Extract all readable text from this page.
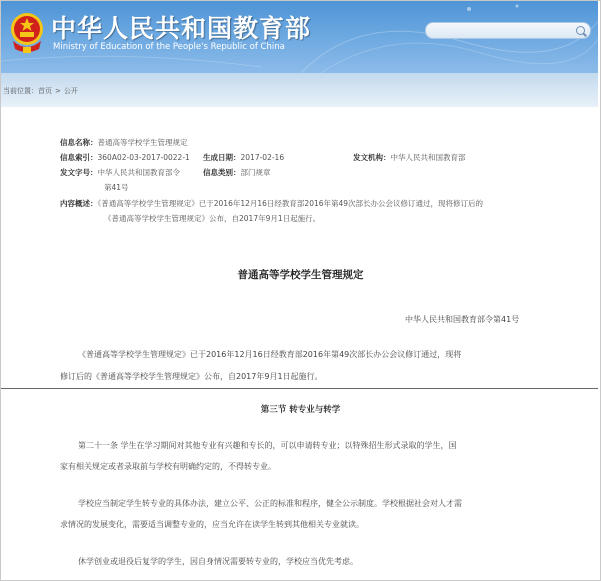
中华人民共和国教育部
Ministry of Education of the People's Republic of China
当前位置：首页 > 公开
信息名称：普通高等学校学生管理规定
信息索引：360A02-03-2017-0022-1 生成日期：2017-02-16	发文机构：中华人民共和国教育部
发文字号：中华人民共和国教育部令	信息类别：部门规章
第41号
内容概述：《普通高等学校学生管理规定》已于2016年12月16日经教育部2016年第49次部长办公会议修订通过，现将修订后的
《普通高等学校学生管理规定》公布，自2017年9月1日起施行。
普通高等学校学生管理规定
中华人民共和国教育部令第41号
《普通高等学校学生管理规定》已于2016年12月16日经教育部2016年第49次部长办公会议修订通过，现将
修订后的《普通高等学校学生管理规定》公布，自2017年9月1日起施行。
第三节 转专业与转学
第二十一条 学生在学习期间对其他专业有兴趣和专长的，可以申请转专业；以特殊招生形式录取的学生，国
家有相关规定或者录取前与学校有明确约定的，不得转专业。
学校应当制定学生转专业的具体办法，建立公平、公正的标准和程序，健全公示制度。学校根据社会对人才需
求情况的发展变化，需要适当调整专业的，应当允许在读学生转到其他相关专业就读。
休学创业或退役后复学的学生，因自身情况需要转专业的，学校应当优先考虑。
